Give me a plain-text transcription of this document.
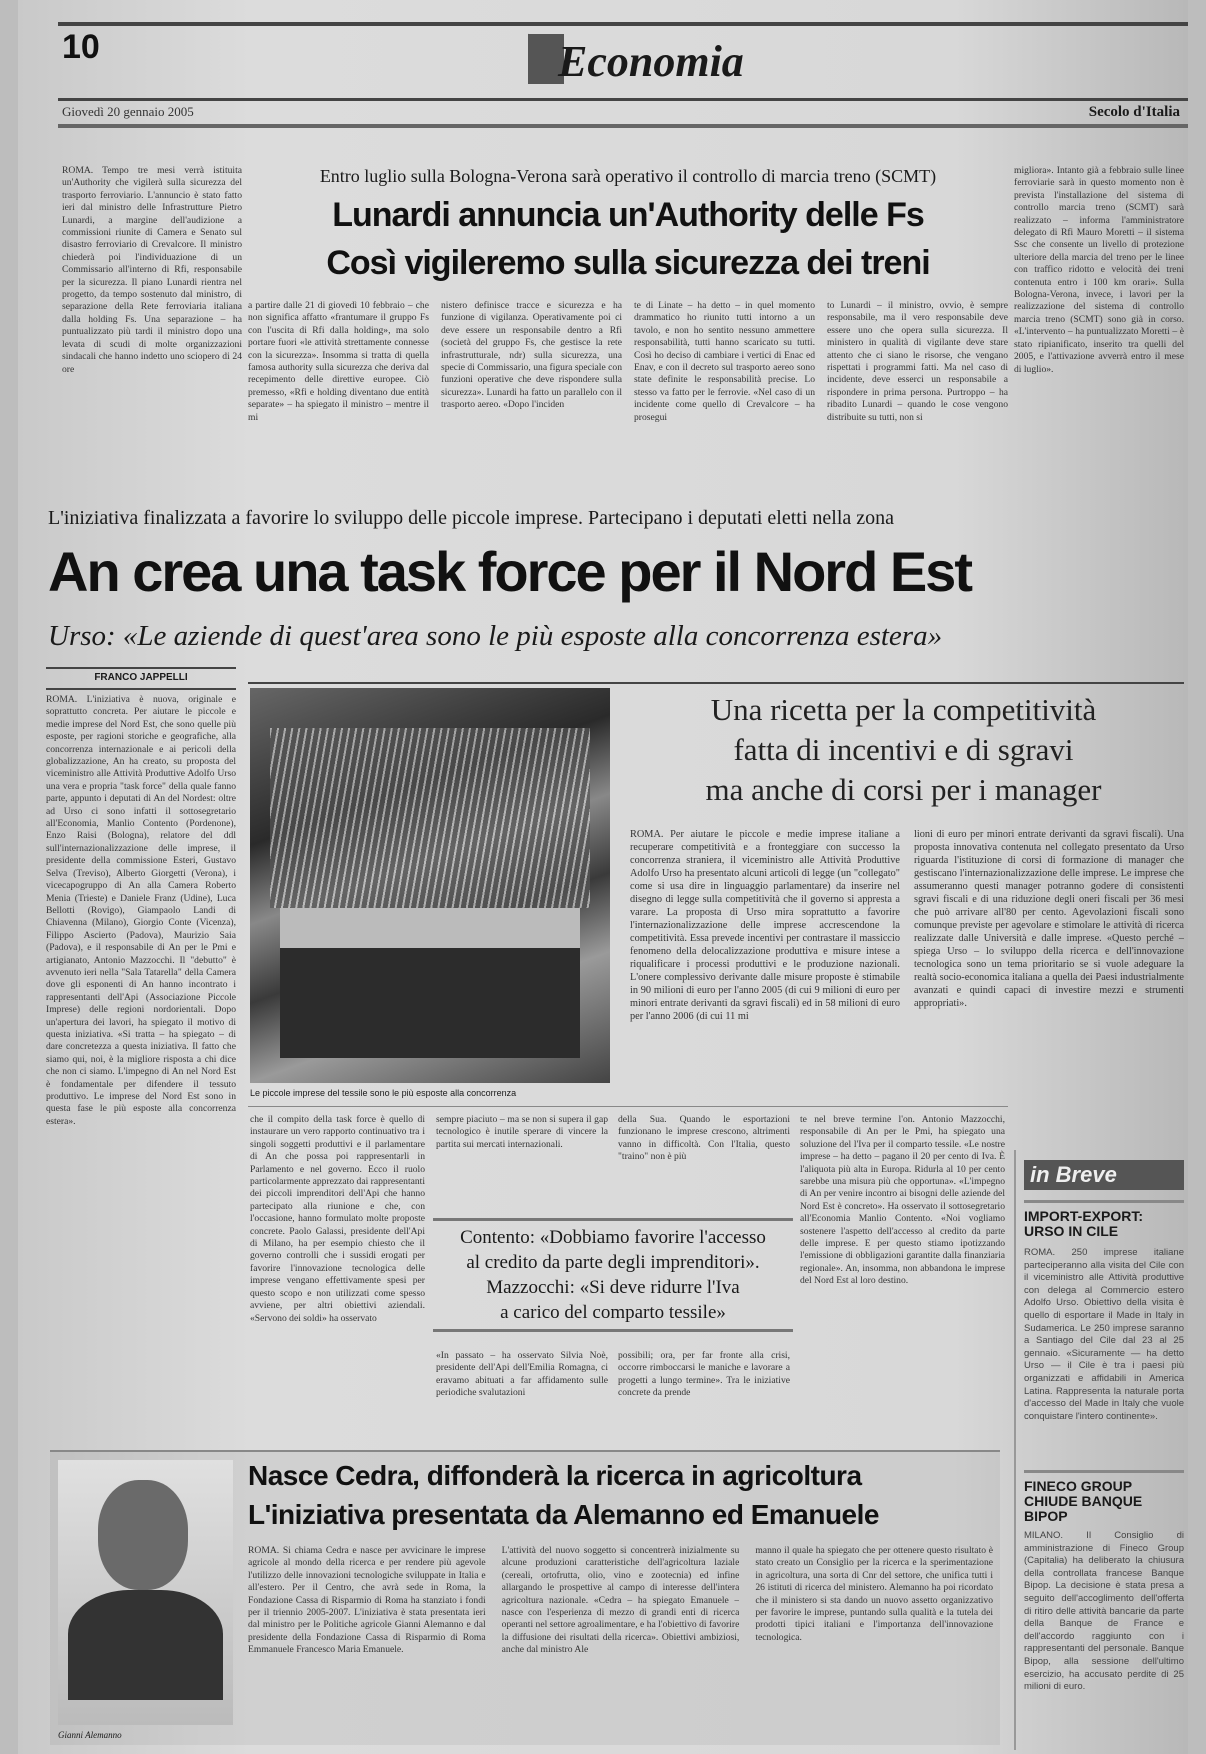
10	E
Economia
Giovedì 20 gennaio 2005	Secolo d'Italia
ROMA. Tempo tre mesi verrà istituita un'Authority che vigilerà sulla sicurezza del trasporto ferroviario. L'annuncio è stato fatto ieri dal ministro delle Infrastrutture Pietro Lunardi, a margine dell'audizione a commissioni riunite di Camera e Senato sul disastro ferroviario di Crevalcore. Il ministro chiederà poi l'individuazione di un Commissario all'interno di Rfi, responsabile per la sicurezza. Il piano Lunardi rientra nel progetto, da tempo sostenuto dal ministro, di separazione della Rete ferroviaria italiana dalla holding Fs. Una separazione – ha puntualizzato più tardi il ministro dopo una levata di scudi di molte organizzazioni sindacali che hanno indetto uno sciopero di 24 ore
Entro luglio sulla Bologna-Verona sarà operativo il controllo di marcia treno (SCMT)
Lunardi annuncia un'Authority delle Fs
Così vigileremo sulla sicurezza dei treni
a partire dalle 21 di giovedì 10 febbraio – che non significa affatto «frantumare il gruppo Fs con l'uscita di Rfi dalla holding», ma solo portare fuori «le attività strettamente connesse con la sicurezza». Insomma si tratta di quella famosa authority sulla sicurezza che deriva dal recepimento delle direttive europee. Ciò premesso, «Rfi e holding diventano due entità separate» – ha spiegato il ministro – mentre il mi
nistero definisce tracce e sicurezza e ha funzione di vigilanza. Operativamente poi ci deve essere un responsabile dentro a Rfi (società del gruppo Fs, che gestisce la rete infrastrutturale, ndr) sulla sicurezza, una specie di Commissario, una figura speciale con funzioni operative che deve rispondere sulla sicurezza». Lunardi ha fatto un parallelo con il trasporto aereo. «Dopo l'inciden
te di Linate – ha detto – in quel momento drammatico ho riunito tutti intorno a un tavolo, e non ho sentito nessuno ammettere responsabilità, tutti hanno scaricato su tutti. Così ho deciso di cambiare i vertici di Enac ed Enav, e con il decreto sul trasporto aereo sono state definite le responsabilità precise. Lo stesso va fatto per le ferrovie. «Nel caso di un incidente come quello di Crevalcore – ha prosegui
to Lunardi – il ministro, ovvio, è sempre responsabile, ma il vero responsabile deve essere uno che operа sulla sicurezza. Il ministero in qualità di vigilante deve stare attento che ci siano le risorse, che vengano rispettati i programmi fatti. Ma nel caso di incidente, deve esserci un responsabile a rispondere in prima persona. Purtroppo – ha ribadito Lunardi – quando le cose vengono distribuite su tutti, non si
migliora». Intanto già a febbraio sulle linee ferroviarie sarà in questo momento non è prevista l'installazione del sistema di controllo marcia treno (SCMT) sarà realizzato – informa l'amministratore delegato di Rfi Mauro Moretti – il sistema Ssc che consente un livello di protezione ulteriore della marcia del treno per le linee con traffico ridotto e velocità dei treni contenuta entro i 100 km orari». Sulla Bologna-Verona, invece, i lavori per la realizzazione del sistema di controllo marcia treno (SCMT) sono già in corso. «L'intervento – ha puntualizzato Moretti – è stato ripianificato, inserito tra quelli del 2005, e l'attivazione avverrà entro il mese di luglio».
L'iniziativa finalizzata a favorire lo sviluppo delle piccole imprese. Partecipano i deputati eletti nella zona
An crea una task force per il Nord Est
Urso: «Le aziende di quest'area sono le più esposte alla concorrenza estera»
FRANCO JAPPELLI
ROMA. L'iniziativa è nuova, originale e soprattutto concreta. Per aiutare le piccole e medie imprese del Nord Est, che sono quelle più esposte, per ragioni storiche e geografiche, alla concorrenza internazionale e ai pericoli della globalizzazione, An ha creato, su proposta del viceministro alle Attività Produttive Adolfo Urso una vera e propria "task force" della quale fanno parte, appunto i deputati di An del Nordest: oltre ad Urso ci sono infatti il sottosegretario all'Economia, Manlio Contento (Pordenone), Enzo Raisi (Bologna), relatore del ddl sull'internazionalizzazione delle imprese, il presidente della commissione Esteri, Gustavo Selva (Treviso), Alberto Giorgetti (Verona), i vicecapogruppo di An alla Camera Roberto Menia (Trieste) e Daniele Franz (Udine), Luca Bellotti (Rovigo), Giampaolo Landi di Chiavenna (Milano), Giorgio Conte (Vicenza), Filippo Ascierto (Padova), Maurizio Saia (Padova), e il responsabile di An per le Pmi e artigianato, Antonio Mazzocchi. Il "debutto" è avvenuto ieri nella "Sala Tatarella" della Camera dove gli esponenti di An hanno incontrato i rappresentanti dell'Api (Associazione Piccole Imprese) delle regioni nordorientali. Dopo un'apertura dei lavori, ha spiegato il motivo di questa iniziativa. «Si tratta – ha spiegato – di dare concretezza a questa iniziativa. Il fatto che siamo qui, noi, è la migliore risposta a chi dice che non ci siamo. L'impegno di An nel Nord Est è fondamentale per difendere il tessuto produttivo. Le imprese del Nord Est sono in questa fase le più esposte alla concorrenza estera».
Le piccole imprese del tessile sono le più esposte alla concorrenza
Una ricetta per la competitività
fatta di incentivi e di sgravi
ma anche di corsi per i manager
ROMA. Per aiutare le piccole e medie imprese italiane a recuperare competitività e a fronteggiare con successo la concorrenza straniera, il viceministro alle Attività Produttive Adolfo Urso ha presentato alcuni articoli di legge (un "collegato" come si usa dire in linguaggio parlamentare) da inserire nel disegno di legge sulla competitività che il governo si appresta a varare. La proposta di Urso mira soprattutto a favorire l'internazionalizzazione delle imprese accrescendone la competitività. Essa prevede incentivi per contrastare il massiccio fenomeno della delocalizzazione produttiva e misure intese a riqualificare i processi produttivi e le produzione nazionali. L'onere complessivo derivante dalle misure proposte è stimabile in 90 milioni di euro per l'anno 2005 (di cui 9 milioni di euro per minori entrate derivanti da sgravi fiscali) ed in 58 milioni di euro per l'anno 2006 (di cui 11 mi
lioni di euro per minori entrate derivanti da sgravi fiscali). Una proposta innovativa contenuta nel collegato presentato da Urso riguarda l'istituzione di corsi di formazione di manager che gestiscano l'internazionalizzazione delle imprese. Le imprese che assumeranno questi manager potranno godere di consistenti sgravi fiscali e di una riduzione degli oneri fiscali per 36 mesi che può arrivare all'80 per cento. Agevolazioni fiscali sono comunque previste per agevolare e stimolare le attività di ricerca realizzate dalle Università e dalle imprese. «Questo perché – spiega Urso – lo sviluppo della ricerca e dell'innovazione tecnologica sono un tema prioritario se si vuole adeguare la realtà socio-economica italiana a quella dei Paesi industrialmente avanzati e quindi capaci di investire mezzi e strumenti appropriati».
che il compito della task force è quello di instaurare un vero rapporto continuativo tra i singoli soggetti produttivi e il parlamentare di An che possa poi rappresentarli in Parlamento e nel governo. Ecco il ruolo particolarmente apprezzato dai rappresentanti dei piccoli imprenditori dell'Api che hanno partecipato alla riunione e che, con l'occasione, hanno formulato molte proposte concrete. Paolo Galassi, presidente dell'Api di Milano, ha per esempio chiesto che il governo controlli che i sussidi erogati per favorire l'innovazione tecnologica delle imprese vengano effettivamente spesi per questo scopo e non utilizzati come spesso avviene, per altri obiettivi aziendali. «Servono dei soldi» ha osservato
sempre piaciuto – ma se non si supera il gap tecnologico è inutile sperare di vincere la partita sui mercati internazionali.
della Sua. Quando le esportazioni funzionano le imprese crescono, altrimenti vanno in difficoltà. Con l'Italia, questo "traino" non è più
te nel breve termine l'on. Antonio Mazzocchi, responsabile di An per le Pmi, ha spiegato una soluzione del l'Iva per il comparto tessile. «Le nostre imprese – ha detto – pagano il 20 per cento di Iva. È l'aliquota più alta in Europa. Ridurla al 10 per cento sarebbe una misura più che opportuna». «L'impegno di An per venire incontro ai bisogni delle aziende del Nord Est è concreto». Ha osservato il sottosegretario all'Economia Manlio Contento. «Noi vogliamo sostenere l'aspetto dell'accesso al credito da parte delle imprese. E per questo stiamo ipotizzando l'emissione di obbligazioni garantite dalla finanziaria regionale». An, insomma, non abbandona le imprese del Nord Est al loro destino.
Contento: «Dobbiamo favorire l'accesso
al credito da parte degli imprenditori».
Mazzocchi: «Si deve ridurre l'Iva
a carico del comparto tessile»
«In passato – ha osservato Silvia Noè, presidente dell'Api dell'Emilia Romagna, ci eravamo abituati a far affidamento sulle periodiche svalutazioni
possibili; ora, per far fronte alla crisi, occorre rimboccarsi le maniche e lavorare a progetti a lungo termine». Tra le iniziative concrete da prende
in Breve
IMPORT-EXPORT: URSO IN CILE
ROMA. 250 imprese italiane parteciperanno alla visita del Cile con il viceministro alle Attività produttive con delega al Commercio estero Adolfo Urso. Obiettivo della visita è quello di esportare il Made in Italy in Sudamerica. Le 250 imprese saranno a Santiago del Cile dal 23 al 25 gennaio. «Sicuramente — ha detto Urso — il Cile è tra i paesi più organizzati e affidabili in America Latina. Rappresenta la naturale porta d'accesso del Made in Italy che vuole conquistare l'intero continente».
FINECO GROUP CHIUDE BANQUE BIPOP
MILANO. Il Consiglio di amministrazione di Fineco Group (Capitalia) ha deliberato la chiusura della controllata francese Banque Bipop. La decisione è stata presa a seguito dell'accoglimento dell'offerta di ritiro delle attività bancarie da parte della Banque de France e dell'accordo raggiunto con i rappresentanti del personale. Banque Bipop, alla sessione dell'ultimo esercizio, ha accusato perdite di 25 milioni di euro.
Gianni Alemanno
Nasce Cedra, diffonderà la ricerca in agricoltura
L'iniziativa presentata da Alemanno ed Emanuele
ROMA. Si chiama Cedra e nasce per avvicinare le imprese agricole al mondo della ricerca e per rendere più agevole l'utilizzo delle innovazioni tecnologiche sviluppate in Italia e all'estero. Per il Centro, che avrà sede in Roma, la Fondazione Cassa di Risparmio di Roma ha stanziato i fondi per il triennio 2005-2007. L'iniziativa è stata presentata ieri dal ministro per le Politiche agricole Gianni Alemanno e dal presidente della Fondazione Cassa di Risparmio di Roma Emmanuele Francesco Maria Emanuele.
L'attività del nuovo soggetto si concentrerà inizialmente su alcune produzioni caratteristiche dell'agricoltura laziale (cereali, ortofrutta, olio, vino e zootecnia) ed infine allargando le prospettive al campo di interesse dell'intera agricoltura nazionale. «Cedra – ha spiegato Emanuele – nasce con l'esperienza di mezzo di grandi enti di ricerca operanti nel settore agroalimentare, e ha l'obiettivo di favorire la diffusione dei risultati della ricerca». Obiettivi ambiziosi, anche dal ministro Ale
manno il quale ha spiegato che per ottenere questo risultato è stato creato un Consiglio per la ricerca e la sperimentazione in agricoltura, una sorta di Cnr del settore, che unifica tutti i 26 istituti di ricerca del ministero. Alemanno ha poi ricordato che il ministero si sta dando un nuovo assetto organizzativo per favorire le imprese, puntando sulla qualità e la tutela dei prodotti tipici italiani e l'importanza dell'innovazione tecnologica.
